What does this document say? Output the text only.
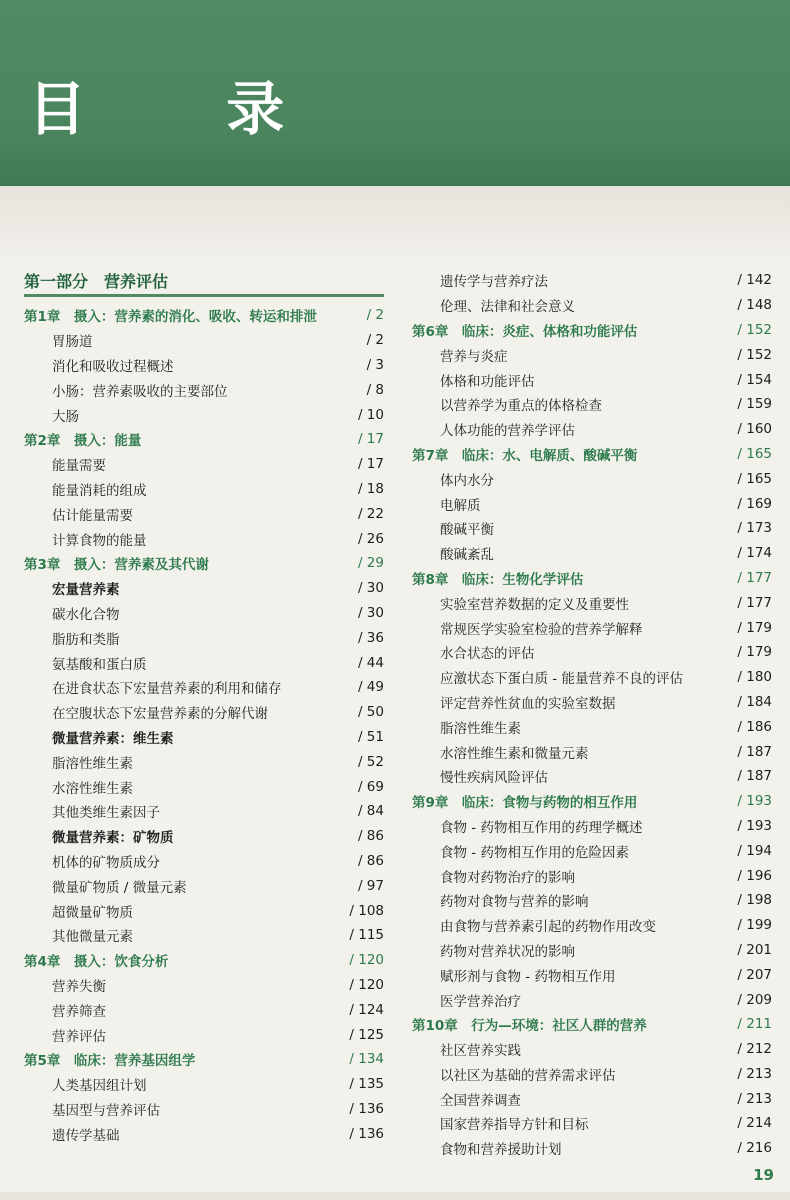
目 录
第一部分　营养评估
第1章　摄入：营养素的消化、吸收、转运和排泄	/ 2
胃肠道	/ 2
消化和吸收过程概述	/ 3
小肠：营养素吸收的主要部位	/ 8
大肠	/ 10
第2章　摄入：能量	/ 17
能量需要	/ 17
能量消耗的组成	/ 18
估计能量需要	/ 22
计算食物的能量	/ 26
第3章　摄入：营养素及其代谢	/ 29
宏量营养素	/ 30
碳水化合物	/ 30
脂肪和类脂	/ 36
氨基酸和蛋白质	/ 44
在进食状态下宏量营养素的利用和储存	/ 49
在空腹状态下宏量营养素的分解代谢	/ 50
微量营养素：维生素	/ 51
脂溶性维生素	/ 52
水溶性维生素	/ 69
其他类维生素因子	/ 84
微量营养素：矿物质	/ 86
机体的矿物质成分	/ 86
微量矿物质 / 微量元素	/ 97
超微量矿物质	/ 108
其他微量元素	/ 115
第4章　摄入：饮食分析	/ 120
营养失衡	/ 120
营养筛查	/ 124
营养评估	/ 125
第5章　临床：营养基因组学	/ 134
人类基因组计划	/ 135
基因型与营养评估	/ 136
遗传学基础	/ 136
遗传学与营养疗法	/ 142
伦理、法律和社会意义	/ 148
第6章　临床：炎症、体格和功能评估	/ 152
营养与炎症	/ 152
体格和功能评估	/ 154
以营养学为重点的体格检查	/ 159
人体功能的营养学评估	/ 160
第7章　临床：水、电解质、酸碱平衡	/ 165
体内水分	/ 165
电解质	/ 169
酸碱平衡	/ 173
酸碱紊乱	/ 174
第8章　临床：生物化学评估	/ 177
实验室营养数据的定义及重要性	/ 177
常规医学实验室检验的营养学解释	/ 179
水合状态的评估	/ 179
应激状态下蛋白质 - 能量营养不良的评估	/ 180
评定营养性贫血的实验室数据	/ 184
脂溶性维生素	/ 186
水溶性维生素和微量元素	/ 187
慢性疾病风险评估	/ 187
第9章　临床：食物与药物的相互作用	/ 193
食物 - 药物相互作用的药理学概述	/ 193
食物 - 药物相互作用的危险因素	/ 194
食物对药物治疗的影响	/ 196
药物对食物与营养的影响	/ 198
由食物与营养素引起的药物作用改变	/ 199
药物对营养状况的影响	/ 201
赋形剂与食物 - 药物相互作用	/ 207
医学营养治疗	/ 209
第10章　行为—环境：社区人群的营养	/ 211
社区营养实践	/ 212
以社区为基础的营养需求评估	/ 213
全国营养调查	/ 213
国家营养指导方针和目标	/ 214
食物和营养援助计划	/ 216
19
